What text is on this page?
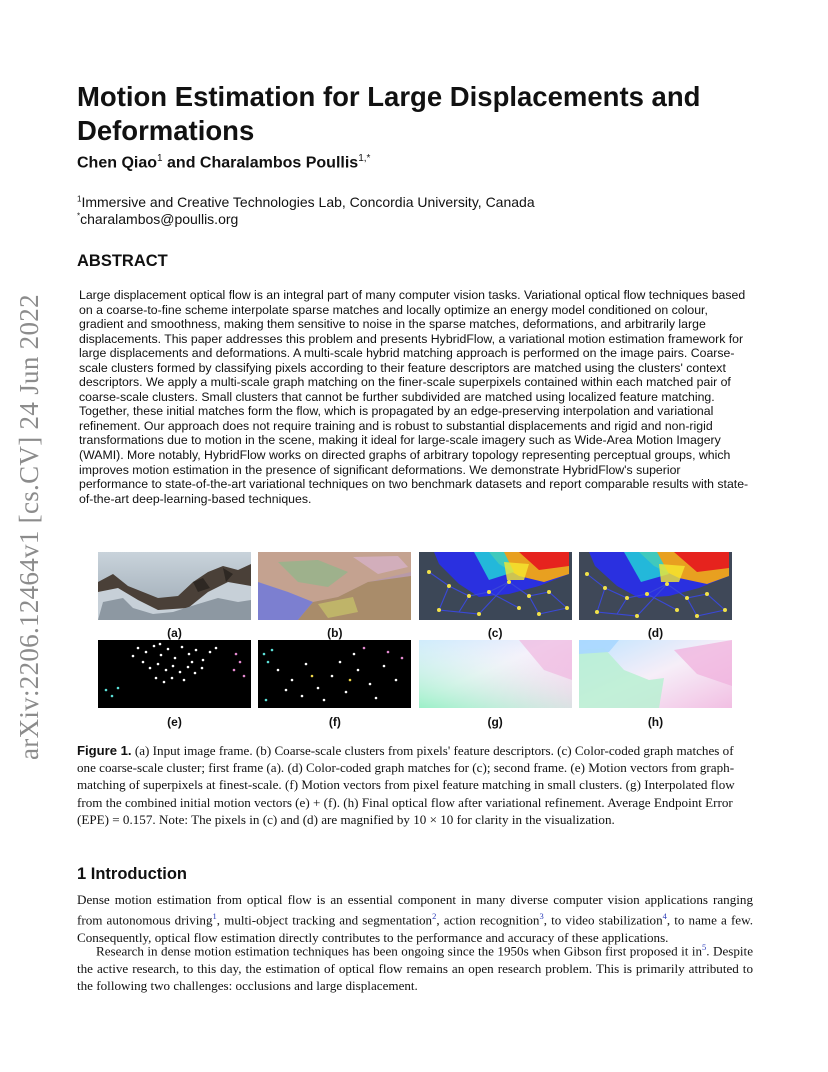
arXiv:2206.12464v1 [cs.CV] 24 Jun 2022
Motion Estimation for Large Displacements and Deformations
Chen Qiao$^1$ and Charalambos Poullis$^{1,*}$
$^1$Immersive and Creative Technologies Lab, Concordia University, Canada
*charalambos@poullis.org
ABSTRACT

Large displacement optical flow is an integral part of many computer vision tasks. Variational optical flow techniques based on a coarse-to-fine scheme interpolate sparse matches and locally optimize an energy model conditioned on colour, gradient and smoothness, making them sensitive to noise in the sparse matches, deformations, and arbitrarily large displacements. This paper addresses this problem and presents HybridFlow, a variational motion estimation framework for large displacements and deformations. A multi-scale hybrid matching approach is performed on the image pairs. Coarse-scale clusters formed by classifying pixels according to their feature descriptors are matched using the clusters' context descriptors. We apply a multi-scale graph matching on the finer-scale superpixels contained within each matched pair of coarse-scale clusters. Small clusters that cannot be further subdivided are matched using localized feature matching. Together, these initial matches form the flow, which is propagated by an edge-preserving interpolation and variational refinement. Our approach does not require training and is robust to substantial displacements and rigid and non-rigid transformations due to motion in the scene, making it ideal for large-scale imagery such as Wide-Area Motion Imagery (WAMI). More notably, HybridFlow works on directed graphs of arbitrary topology representing perceptual groups, which improves motion estimation in the presence of significant deformations. We demonstrate HybridFlow's superior performance to state-of-the-art variational techniques on two benchmark datasets and report comparable results with state-of-the-art deep-learning-based techniques.

(a)	(b)	(c)	(d)
(e)	(f)	(g)	(h)

Figure 1. (a) Input image frame. (b) Coarse-scale clusters from pixels' feature descriptors. (c) Color-coded graph matches of one coarse-scale cluster; first frame (a). (d) Color-coded graph matches for (c); second frame. (e) Motion vectors from graph-matching of superpixels at finest-scale. (f) Motion vectors from pixel feature matching in small clusters. (g) Interpolated flow from the combined initial motion vectors (e) + (f). (h) Final optical flow after variational refinement. Average Endpoint Error (EPE) = 0.157. Note: The pixels in (c) and (d) are magnified by 10 × 10 for clarity in the visualization.

1 Introduction

Dense motion estimation from optical flow is an essential component in many diverse computer vision applications ranging from autonomous driving$^1$, multi-object tracking and segmentation$^2$, action recognition$^3$, to video stabilization$^4$, to name a few. Consequently, optical flow estimation directly contributes to the performance and accuracy of these applications.

Research in dense motion estimation techniques has been ongoing since the 1950s when Gibson first proposed it $in^5$. Despite the active research, to this day, the estimation of optical flow remains an open research problem. This is primarily attributed to the following two challenges: occlusions and large displacement.
